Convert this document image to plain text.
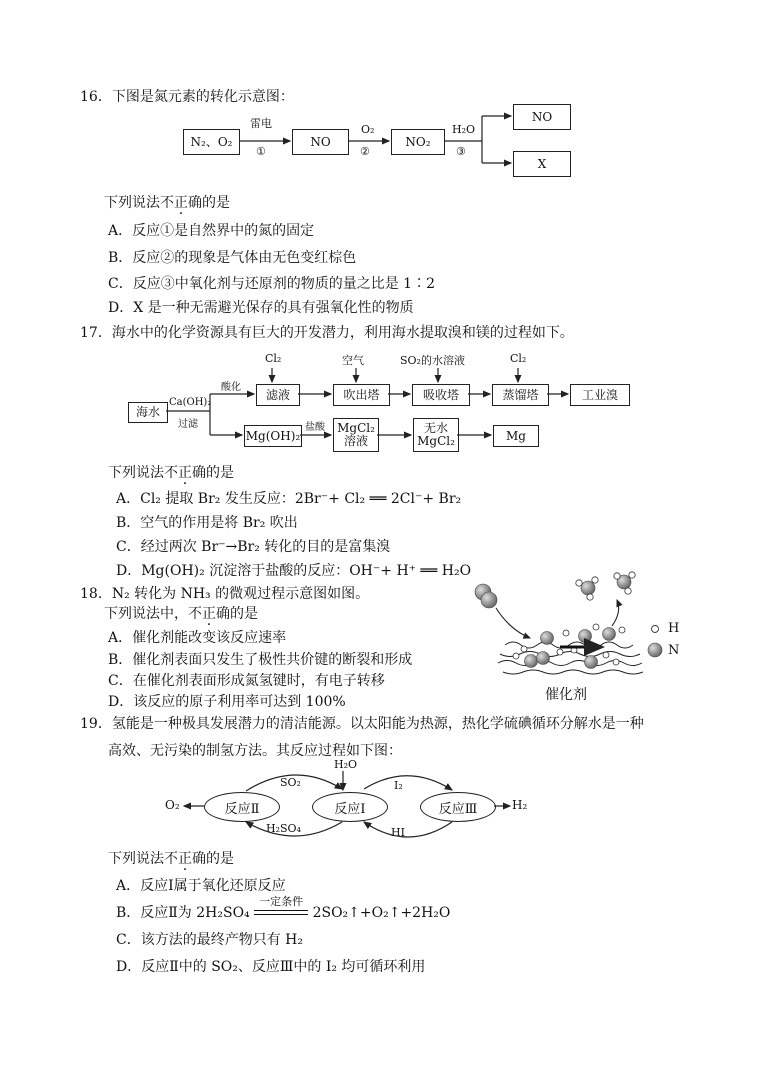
16．下图是氮元素的转化示意图：
N₂、O₂
雷电
①
NO
O₂
②
NO₂
H₂O
③
NO
X
下列说法不正确的是
A．反应①是自然界中的氮的固定
B．反应②的现象是气体由无色变红棕色
C．反应③中氧化剂与还原剂的物质的量之比是 1∶2
D．X 是一种无需避光保存的具有强氧化性的物质
17．海水中的化学资源具有巨大的开发潜力，利用海水提取溴和镁的过程如下。
海水
Ca(OH)₂
过滤
酸化	滤液	吹出塔	吸收塔	蒸馏塔	工业溴
Cl₂	空气	SO₂的水溶液	Cl₂
Mg(OH)₂
盐酸 MgCl₂
溶液
无水
MgCl₂	Mg
下列说法不正确的是
A．Cl₂ 提取 Br₂ 发生反应：2Br⁻+ Cl₂ ══ 2Cl⁻+ Br₂
B．空气的作用是将 Br₂ 吹出
C．经过两次 Br⁻→Br₂ 转化的目的是富集溴
D．Mg(OH)₂ 沉淀溶于盐酸的反应：OH⁻+ H⁺ ══ H₂O
18．N₂ 转化为 NH₃ 的微观过程示意图如图。
下列说法中，不正确的是
A．催化剂能改变该反应速率
B．催化剂表面只发生了极性共价键的断裂和形成
C．在催化剂表面形成氮氢键时，有电子转移
D．该反应的原子利用率可达到 100%
H
N
催化剂
19．氢能是一种极具发展潜力的清洁能源。以太阳能为热源，热化学硫碘循环分解水是一种
高效、无污染的制氢方法。其反应过程如下图：
O₂	反应Ⅱ	反应Ⅰ	反应Ⅲ	H₂
SO₂
H₂SO₄
H₂O
I₂
HI
下列说法不正确的是
A．反应Ⅰ属于氧化还原反应
B．反应Ⅱ为 2H₂SO₄
一定条件
2SO₂↑+O₂↑+2H₂O
C．该方法的最终产物只有 H₂
D．反应Ⅱ中的 SO₂、反应Ⅲ中的 I₂ 均可循环利用
